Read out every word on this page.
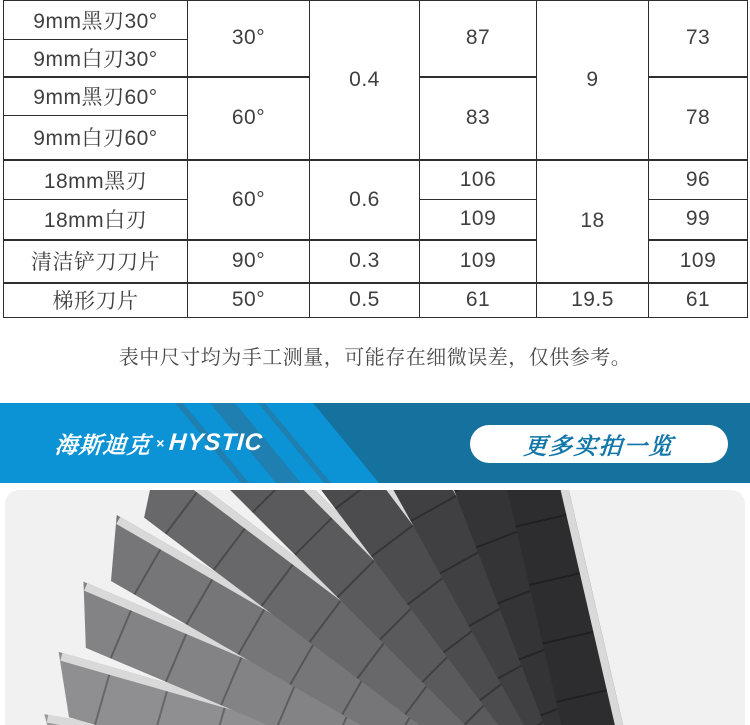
9mm黑刃30°	30°	0.4	87	9	73
9mm白刃30°					
9mm黑刃60°	60°		83		78
9mm白刃60°					
18mm黑刃	60°	0.6	106	18	96
18mm白刃			109		99
清洁铲刀刀片	90°	0.3	109		109
梯形刀片	50°	0.5	61	19.5	61
表中尺寸均为手工测量，可能存在细微误差，仅供参考。
海斯迪克 × HYSTIC	更多实拍一览
